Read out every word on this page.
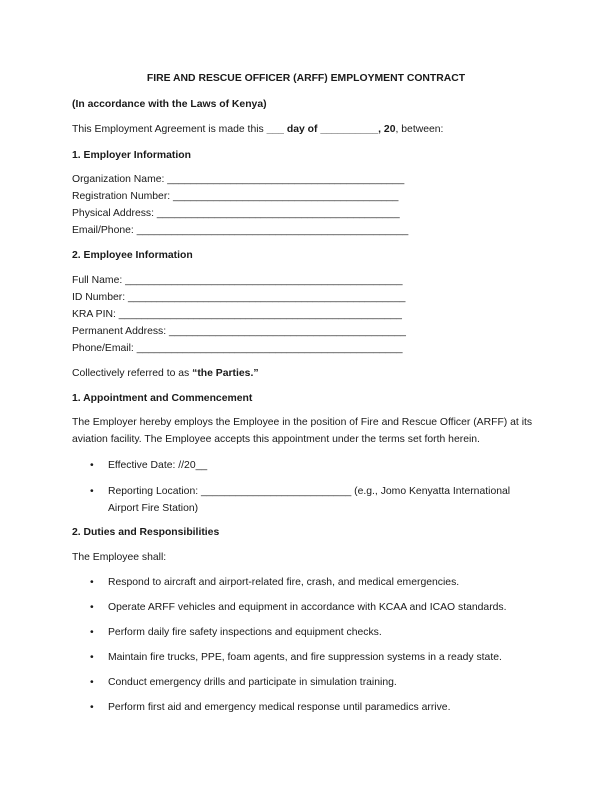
FIRE AND RESCUE OFFICER (ARFF) EMPLOYMENT CONTRACT
(In accordance with the Laws of Kenya)
This Employment Agreement is made this ___ day of __________, 20, between:
1. Employer Information
Organization Name: _________________________________________
Registration Number: _______________________________________
Physical Address: __________________________________________
Email/Phone: _______________________________________________
2. Employee Information
Full Name: ________________________________________________
ID Number: ________________________________________________
KRA PIN: _________________________________________________
Permanent Address: _________________________________________
Phone/Email: ______________________________________________
Collectively referred to as “the Parties.”
1. Appointment and Commencement
The Employer hereby employs the Employee in the position of Fire and Rescue Officer (ARFF) at its aviation facility. The Employee accepts this appointment under the terms set forth herein.
•	Effective Date: //20__
•	Reporting Location: __________________________ (e.g., Jomo Kenyatta International Airport Fire Station)
2. Duties and Responsibilities
The Employee shall:
•	Respond to aircraft and airport-related fire, crash, and medical emergencies.
•	Operate ARFF vehicles and equipment in accordance with KCAA and ICAO standards.
•	Perform daily fire safety inspections and equipment checks.
•	Maintain fire trucks, PPE, foam agents, and fire suppression systems in a ready state.
•	Conduct emergency drills and participate in simulation training.
•	Perform first aid and emergency medical response until paramedics arrive.
